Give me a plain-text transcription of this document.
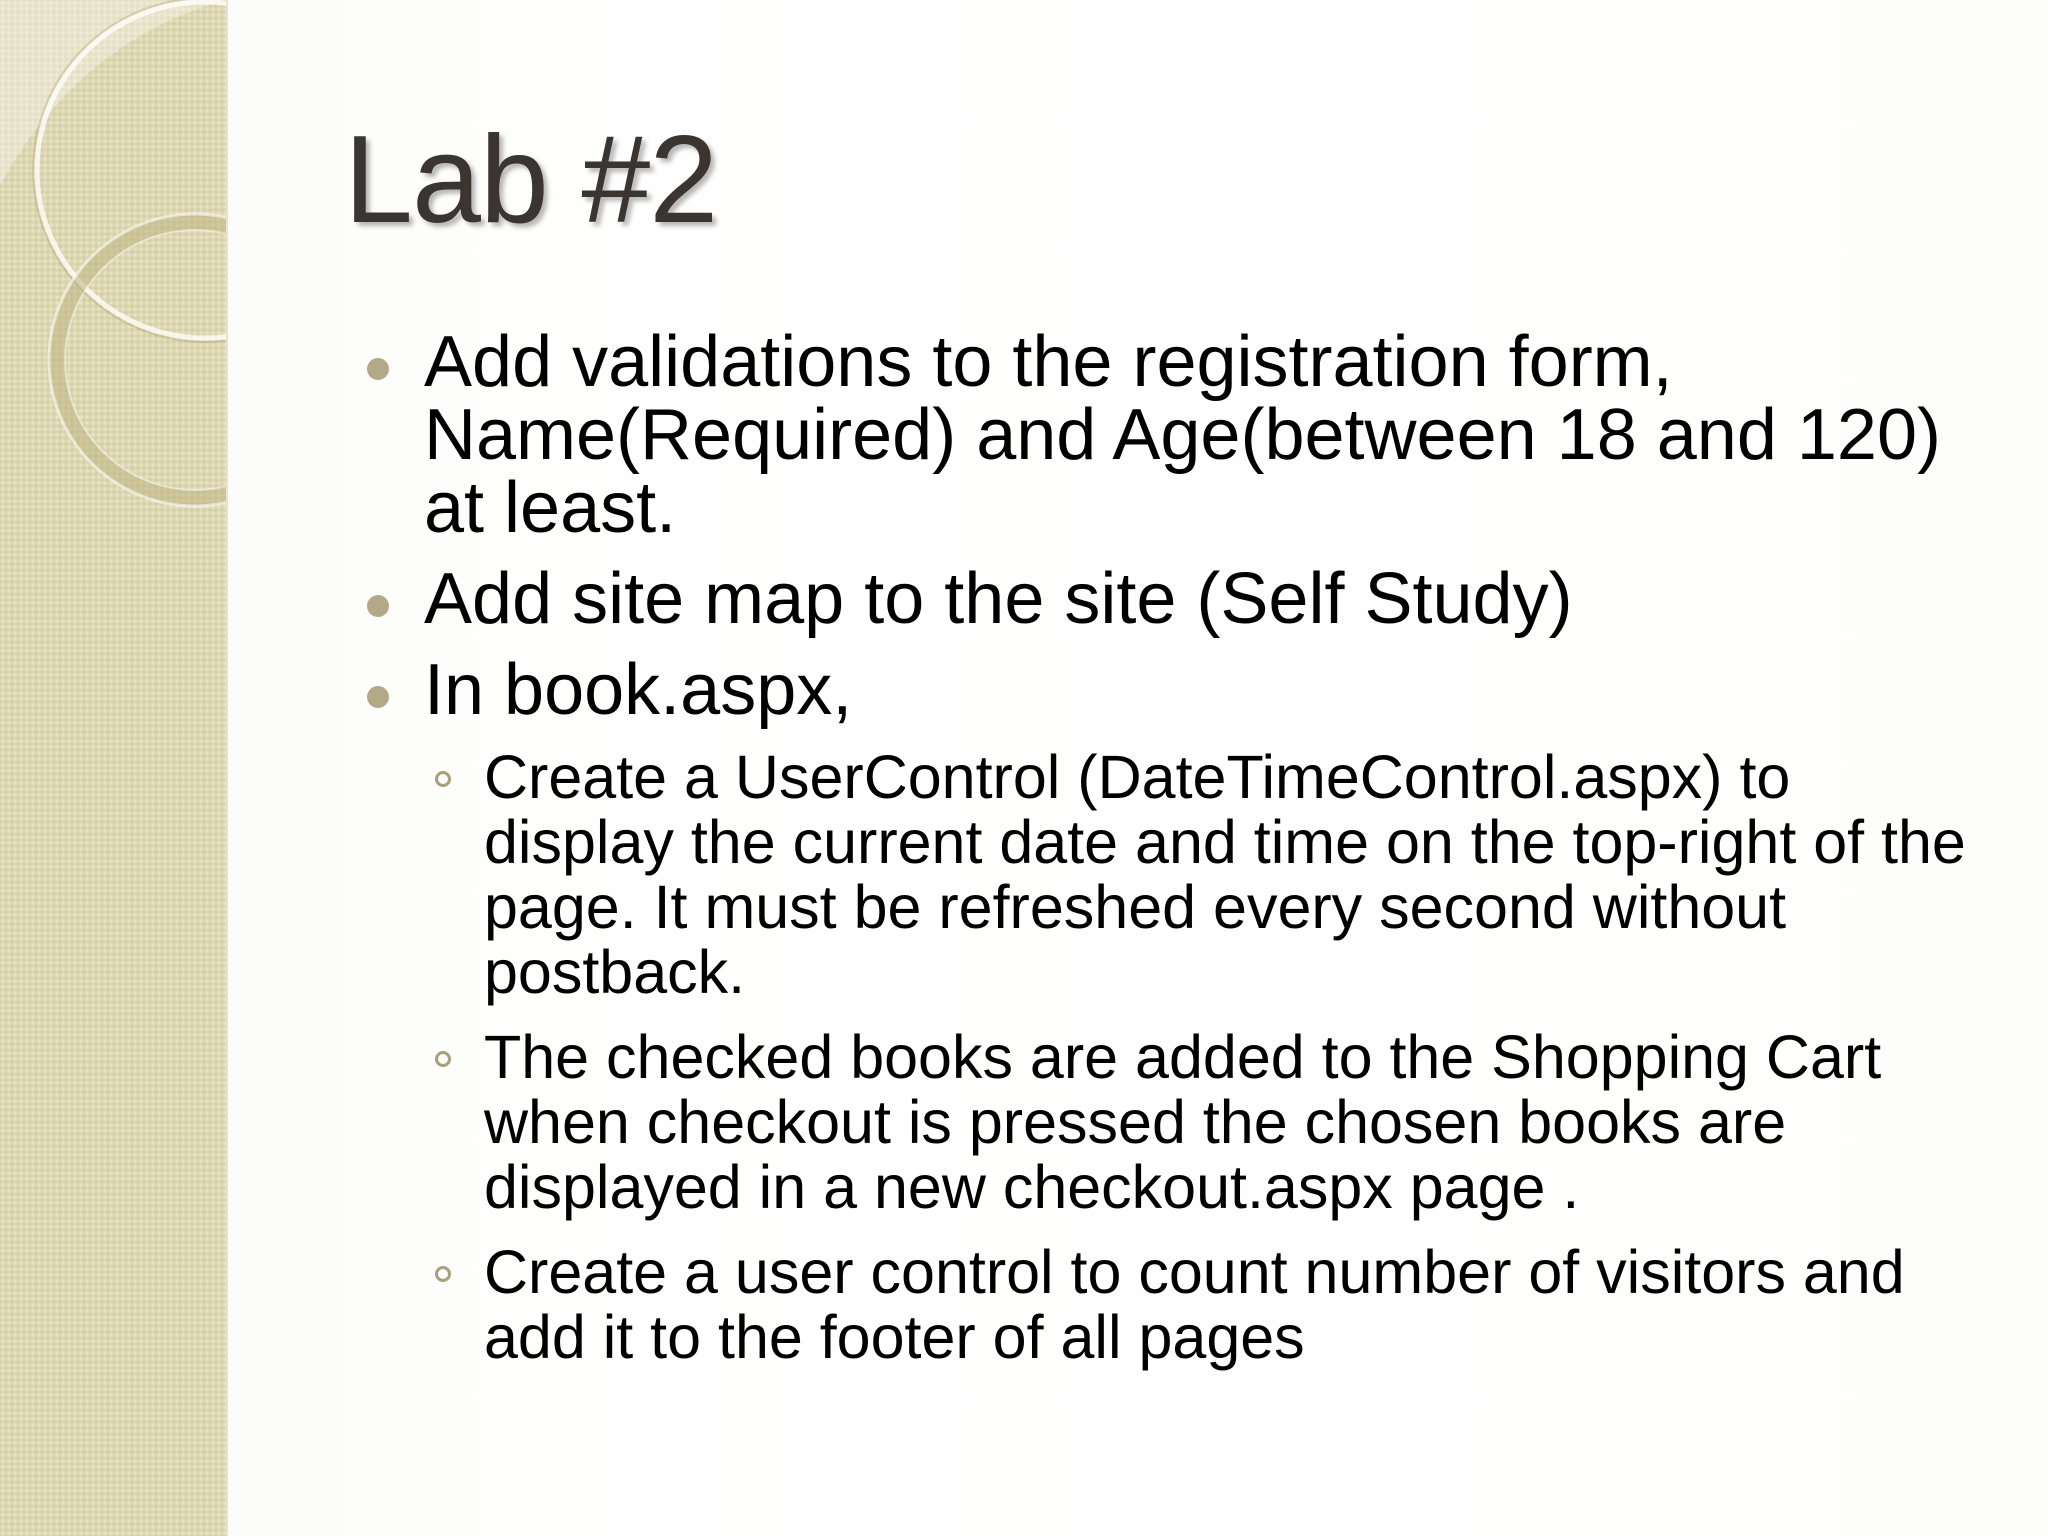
Lab #2
Add validations to the registration form, Name(Required) and Age(between 18 and 120) at least.
Add site map to the site (Self Study)
In book.aspx,
Create a UserControl (DateTimeControl.aspx) to display the current date and time on the top-right of the page. It must be refreshed every second without postback.
The checked books are added to the Shopping Cart when checkout is pressed the chosen books are displayed in a new checkout.aspx page .
Create a user control to count number of visitors and add it to the footer of all pages
